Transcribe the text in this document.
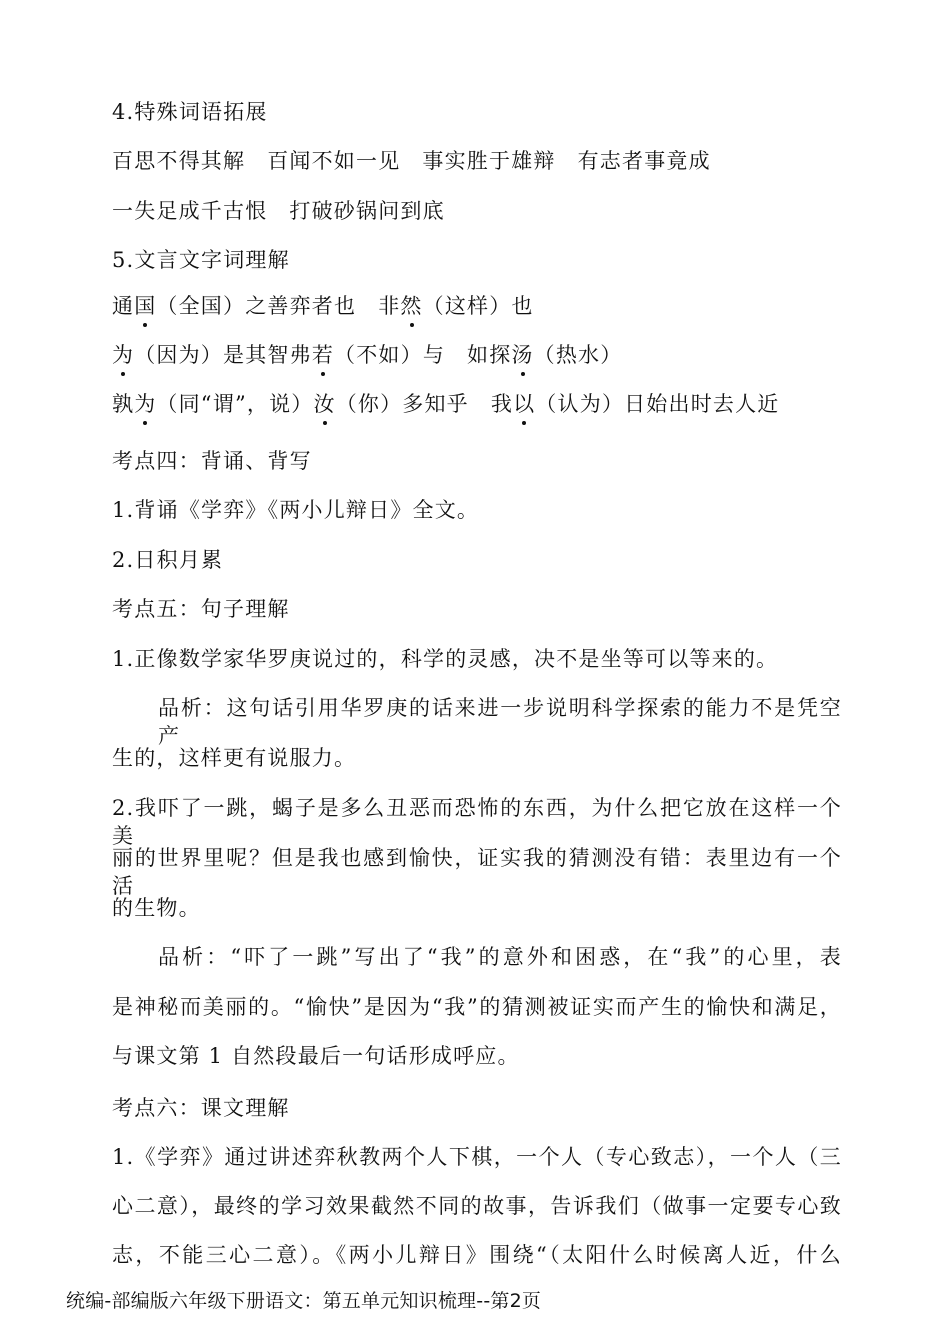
4.特殊词语拓展
百思不得其解 百闻不如一见 事实胜于雄辩 有志者事竟成
一失足成千古恨 打破砂锅问到底
5.文言文字词理解
通国（全国）之善弈者也 非然（这样）也
为（因为）是其智弗若（不如）与 如探汤（热水）
孰为（同“谓”，说）汝（你）多知乎 我以（认为）日始出时去人近
考点四：背诵、背写
1.背诵《学弈》《两小儿辩日》全文。
2.日积月累
考点五：句子理解
1.正像数学家华罗庚说过的，科学的灵感，决不是坐等可以等来的。
品析：这句话引用华罗庚的话来进一步说明科学探索的能力不是凭空产
生的，这样更有说服力。
2.我吓了一跳，蝎子是多么丑恶而恐怖的东西，为什么把它放在这样一个美
丽的世界里呢？但是我也感到愉快，证实我的猜测没有错：表里边有一个活
的生物。
品析：“吓了一跳”写出了“我”的意外和困惑，在“我”的心里，表
是神秘而美丽的。“愉快”是因为“我”的猜测被证实而产生的愉快和满足，
与课文第 1 自然段最后一句话形成呼应。
考点六：课文理解
1.《学弈》通过讲述弈秋教两个人下棋，一个人（专心致志），一个人（三
心二意），最终的学习效果截然不同的故事，告诉我们（做事一定要专心致
志，不能三心二意）。《两小儿辩日》围绕“（太阳什么时候离人近，什么
统编-部编版六年级下册语文：第五单元知识梳理--第2页
